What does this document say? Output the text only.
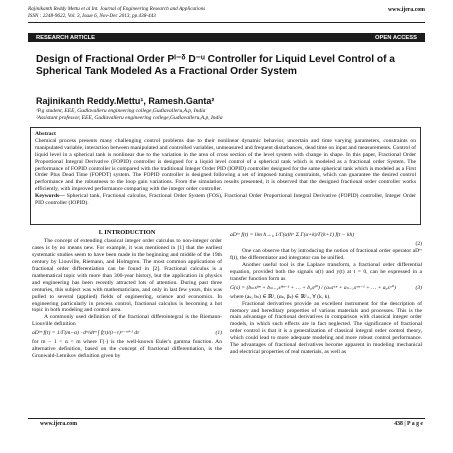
Rajinikanth Reddy Mettu et al Int. Journal of Engineering Research and Applications
ISSN : 2248-9622, Vol. 3, Issue 6, Nov-Dec 2013, pp.438-443
www.ijera.com
RESEARCH ARTICLE	OPEN ACCESS
Design of Fractional Order Pᴵ⁻ᵟ D⁻ᵘ Controller for Liquid Level Control of a Spherical Tank Modeled As a Fractional Order System
Rajinikanth Reddy.Mettu¹, Ramesh.Ganta²
¹P.g student, EEE, Gudlavalleru engineering college,Gudlavalleru,A.p, India
²Assistant professor, EEE, Gudlavalleru engineering college,Gudlavalleru,A.p, India

Abstract

Chemical process presents many challenging control problems due to their nonlinear dynamic behavior, uncertain and time varying parameters, constraints on manipulated variable, interaction between manipulated and controlled variables, unmeasured and frequent disturbances, dead time on input and measurements. Control of liquid level in a spherical tank is nonlinear due to the variation in the area of cross section of the level system with change in shape. In this paper, Fractional Order Proportional Integral Derivative (FOPID) controller is designed for a liquid level control of a spherical tank which is modeled as a fractional order System. The performance of FOPID controller is compared with the traditional Integer Order PID (IOPID) controller designed for the same spherical tank which is modeled as a First Order Plus Dead Time (FOPDT) system. The FOPID controller is designed following a set of imposed tuning constraints, which can guarantee the desired control performance and the robustness to the loop gain variations. From the simulation results presented, it is observed that the designed fractional order controller works efficiently, with improved performance comparing with the integer order controller.

Keywords— Spherical tank, Fractional calculus, Fractional Order System (FOS), Fractional Order Proportional Integral Derivative (FOPID) controller, Integer Order PID controller (IOPID).

I. INTRODUCTION

The concept of extending classical integer order calculus to non-integer order cases is by no means new. For example, it was mentioned in [1] that the earliest systematic studies seem to have been made in the beginning and middle of the 19th century by Liouville, Riemann, and Holmgren. The most common applications of fractional order differentiation can be found in [2]. Fractional calculus is a mathematical topic with more than 300-year history, but the application in physics and engineering has been recently attracted lots of attention. During past three centuries, this subject was with mathematicians, and only in last few years, this was pulled to several (applied) fields of engineering, science and economics. In engineering particularly in process control, fractional calculus is becoming a hot topic in both modeling and control area.

A commonly used definition of the fractional differointegral is the Riemann-Liouville definition

aDᵗᵐ f(t) = 1/Γ(m−α) · dᵐ/dtᵐ ∫ f(τ)/(t−τ)ᵅ⁻ᵐ⁺¹ dτ	(1)

for m − 1 < α < m where Γ(·) is the well-known Euler's gamma function. An alternative definition, based on the concept of fractional differentiation, is the Grunwald-Letnikov definition given by

aDᵗᵅ f(t) = lim h→₀ 1/Γ(α)hᵅ Σ Γ(α+k)/Γ(k+1) f(t − kh)
(2)

One can observe that by introducing the notion of fractional order operator aDᵗᵅ f(t), the differentiator and integrator can be unified.

Another useful tool is the Laplace transform, a fractional order differential equation, provided both the signals u(t) and y(t) at t = 0, can be expressed in a transfer function form as

G(s) = (bₘsᵝᵐ + bₘ₋₁sᵝᵐ⁻¹ + … + b₀sᵝ⁰) / (aₙsᵅⁿ + aₙ₋₁sᵅⁿ⁻¹ + … + a₀sᵅ⁰)	(3)

where (aₖ, bₖ) ∈ ℝ², (αₖ, βₖ) ∈ ℝ²₊, ∀ (k, k).

Fractional derivatives provide an excellent instrument for the description of memory and hereditary properties of various materials and processes. This is the main advantage of fractional derivatives in comparison with classical integer order models, in which such effects are in fact neglected. The significance of fractional order control is that it is a generalization of classical integral order control theory, which could lead to more adequate modeling and more robust control performance. The advantages of fractional derivatives become apparent in modeling mechanical and electrical properties of real materials, as well as

www.ijera.com	438 | P a g e
